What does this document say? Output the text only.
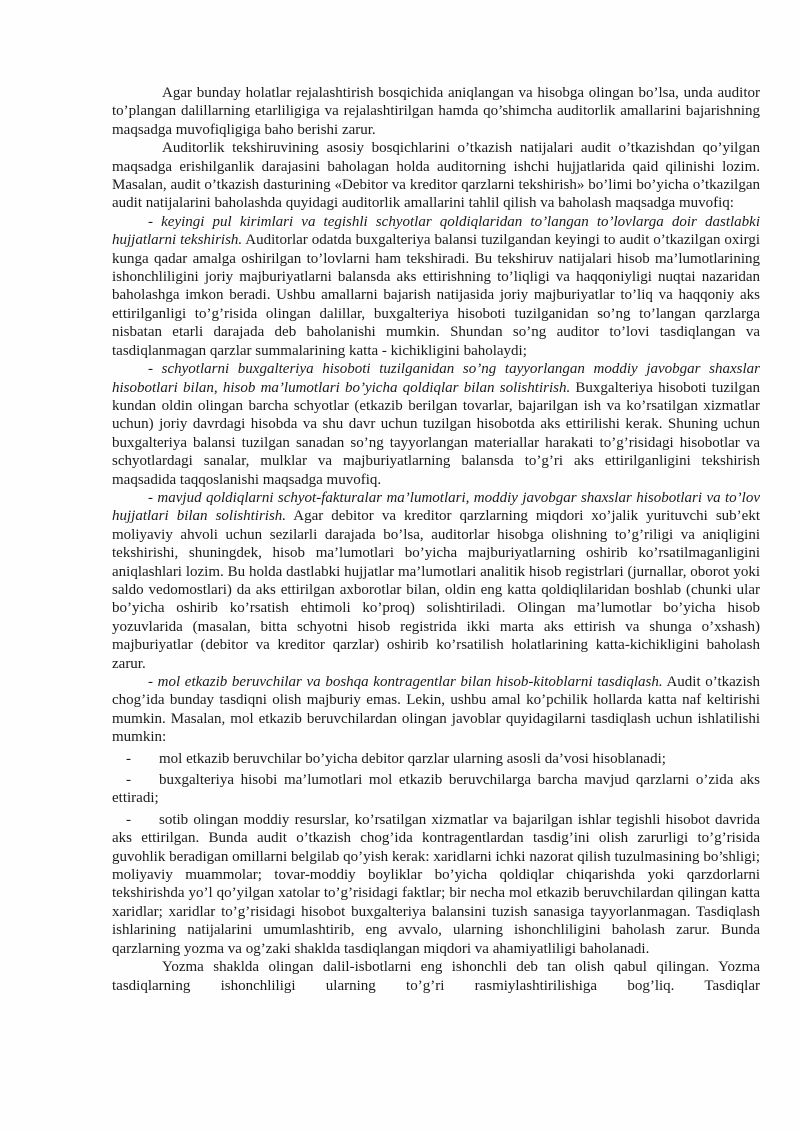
Agar bunday holatlar rejalashtirish bosqichida aniqlangan va hisobga olingan bo’lsa, unda auditor to’plangan dalillarning etarliligiga va rejalashtirilgan hamda qo’shimcha auditorlik amallarini bajarishning maqsadga muvofiqligiga baho berishi zarur.

Auditorlik tekshiruvining asosiy bosqichlarini o’tkazish natijalari audit o’tkazishdan qo’yilgan maqsadga erishilganlik darajasini baholagan holda auditorning ishchi hujjatlarida qaid qilinishi lozim. Masalan, audit o’tkazish dasturining «Debitor va kreditor qarzlarni tekshirish» bo’limi bo’yicha o’tkazilgan audit natijalarini baholashda quyidagi auditorlik amallarini tahlil qilish va baholash maqsadga muvofiq:

- keyingi pul kirimlari va tegishli schyotlar qoldiqlaridan to’langan to’lovlarga doir dastlabki hujjatlarni tekshirish. Auditorlar odatda buxgalteriya balansi tuzilgandan keyingi to audit o’tkazilgan oxirgi kunga qadar amalga oshirilgan to’lovlarni ham tekshiradi. Bu tekshiruv natijalari hisob ma’lumotlarining ishonchliligini joriy majburiyatlarni balansda aks ettirishning to’liqligi va haqqoniyligi nuqtai nazaridan baholashga imkon beradi. Ushbu amallarni bajarish natijasida joriy majburiyatlar to’liq va haqqoniy aks ettirilganligi to’g’risida olingan dalillar, buxgalteriya hisoboti tuzilganidan so’ng to’langan qarzlarga nisbatan etarli darajada deb baholanishi mumkin. Shundan so’ng auditor to’lovi tasdiqlangan va tasdiqlanmagan qarzlar summalarining katta - kichikligini baholaydi;

- schyotlarni buxgalteriya hisoboti tuzilganidan so’ng tayyorlangan moddiy javobgar shaxslar hisobotlari bilan, hisob ma’lumotlari bo’yicha qoldiqlar bilan solishtirish. Buxgalteriya hisoboti tuzilgan kundan oldin olingan barcha schyotlar (etkazib berilgan tovarlar, bajarilgan ish va ko’rsatilgan xizmatlar uchun) joriy davrdagi hisobda va shu davr uchun tuzilgan hisobotda aks ettirilishi kerak. Shuning uchun buxgalteriya balansi tuzilgan sanadan so’ng tayyorlangan materiallar harakati to’g’risidagi hisobotlar va schyotlardagi sanalar, mulklar va majburiyatlarning balansda to’g’ri aks ettirilganligini tekshirish maqsadida taqqoslanishi maqsadga muvofiq.

- mavjud qoldiqlarni schyot-fakturalar ma’lumotlari, moddiy javobgar shaxslar hisobotlari va to’lov hujjatlari bilan solishtirish. Agar debitor va kreditor qarzlarning miqdori xo’jalik yurituvchi sub’ekt moliyaviy ahvoli uchun sezilarli darajada bo’lsa, auditorlar hisobga olishning to’g’riligi va aniqligini tekshirishi, shuningdek, hisob ma’lumotlari bo’yicha majburiyatlarning oshirib ko’rsatilmaganligini aniqlashlari lozim. Bu holda dastlabki hujjatlar ma’lumotlari analitik hisob registrlari (jurnallar, oborot yoki saldo vedomostlari) da aks ettirilgan axborotlar bilan, oldin eng katta qoldiqlilaridan boshlab (chunki ular bo’yicha oshirib ko’rsatish ehtimoli ko’proq) solishtiriladi. Olingan ma’lumotlar bo’yicha hisob yozuvlarida (masalan, bitta schyotni hisob registrida ikki marta aks ettirish va shunga o’xshash) majburiyatlar (debitor va kreditor qarzlar) oshirib ko’rsatilish holatlarining katta-kichikligini baholash zarur.

- mol etkazib beruvchilar va boshqa kontragentlar bilan hisob-kitoblarni tasdiqlash. Audit o’tkazish chog’ida bunday tasdiqni olish majburiy emas. Lekin, ushbu amal ko’pchilik hollarda katta naf keltirishi mumkin. Masalan, mol etkazib beruvchilardan olingan javoblar quyidagilarni tasdiqlash uchun ishlatilishi mumkin:

- mol etkazib beruvchilar bo’yicha debitor qarzlar ularning asosli da’vosi hisoblanadi;

- buxgalteriya hisobi ma’lumotlari mol etkazib beruvchilarga barcha mavjud qarzlarni o’zida aks ettiradi;

- sotib olingan moddiy resurslar, ko’rsatilgan xizmatlar va bajarilgan ishlar tegishli hisobot davrida aks ettirilgan. Bunda audit o’tkazish chog’ida kontragentlardan tasdig’ini olish zarurligi to’g’risida guvohlik beradigan omillarni belgilab qo’yish kerak: xaridlarni ichki nazorat qilish tuzulmasining bo’shligi; moliyaviy muammolar; tovar-moddiy boyliklar bo’yicha qoldiqlar chiqarishda yoki qarzdorlarni tekshirishda yo’l qo’yilgan xatolar to’g’risidagi faktlar; bir necha mol etkazib beruvchilardan qilingan katta xaridlar; xaridlar to’g’risidagi hisobot buxgalteriya balansini tuzish sanasiga tayyorlanmagan. Tasdiqlash ishlarining natijalarini umumlashtirib, eng avvalo, ularning ishonchliligini baholash zarur. Bunda qarzlarning yozma va og’zaki shaklda tasdiqlangan miqdori va ahamiyatliligi baholanadi.

Yozma shaklda olingan dalil-isbotlarni eng ishonchli deb tan olish qabul qilingan. Yozma tasdiqlarning ishonchliligi ularning to’g’ri rasmiylashtirilishiga bog’liq. Tasdiqlar
